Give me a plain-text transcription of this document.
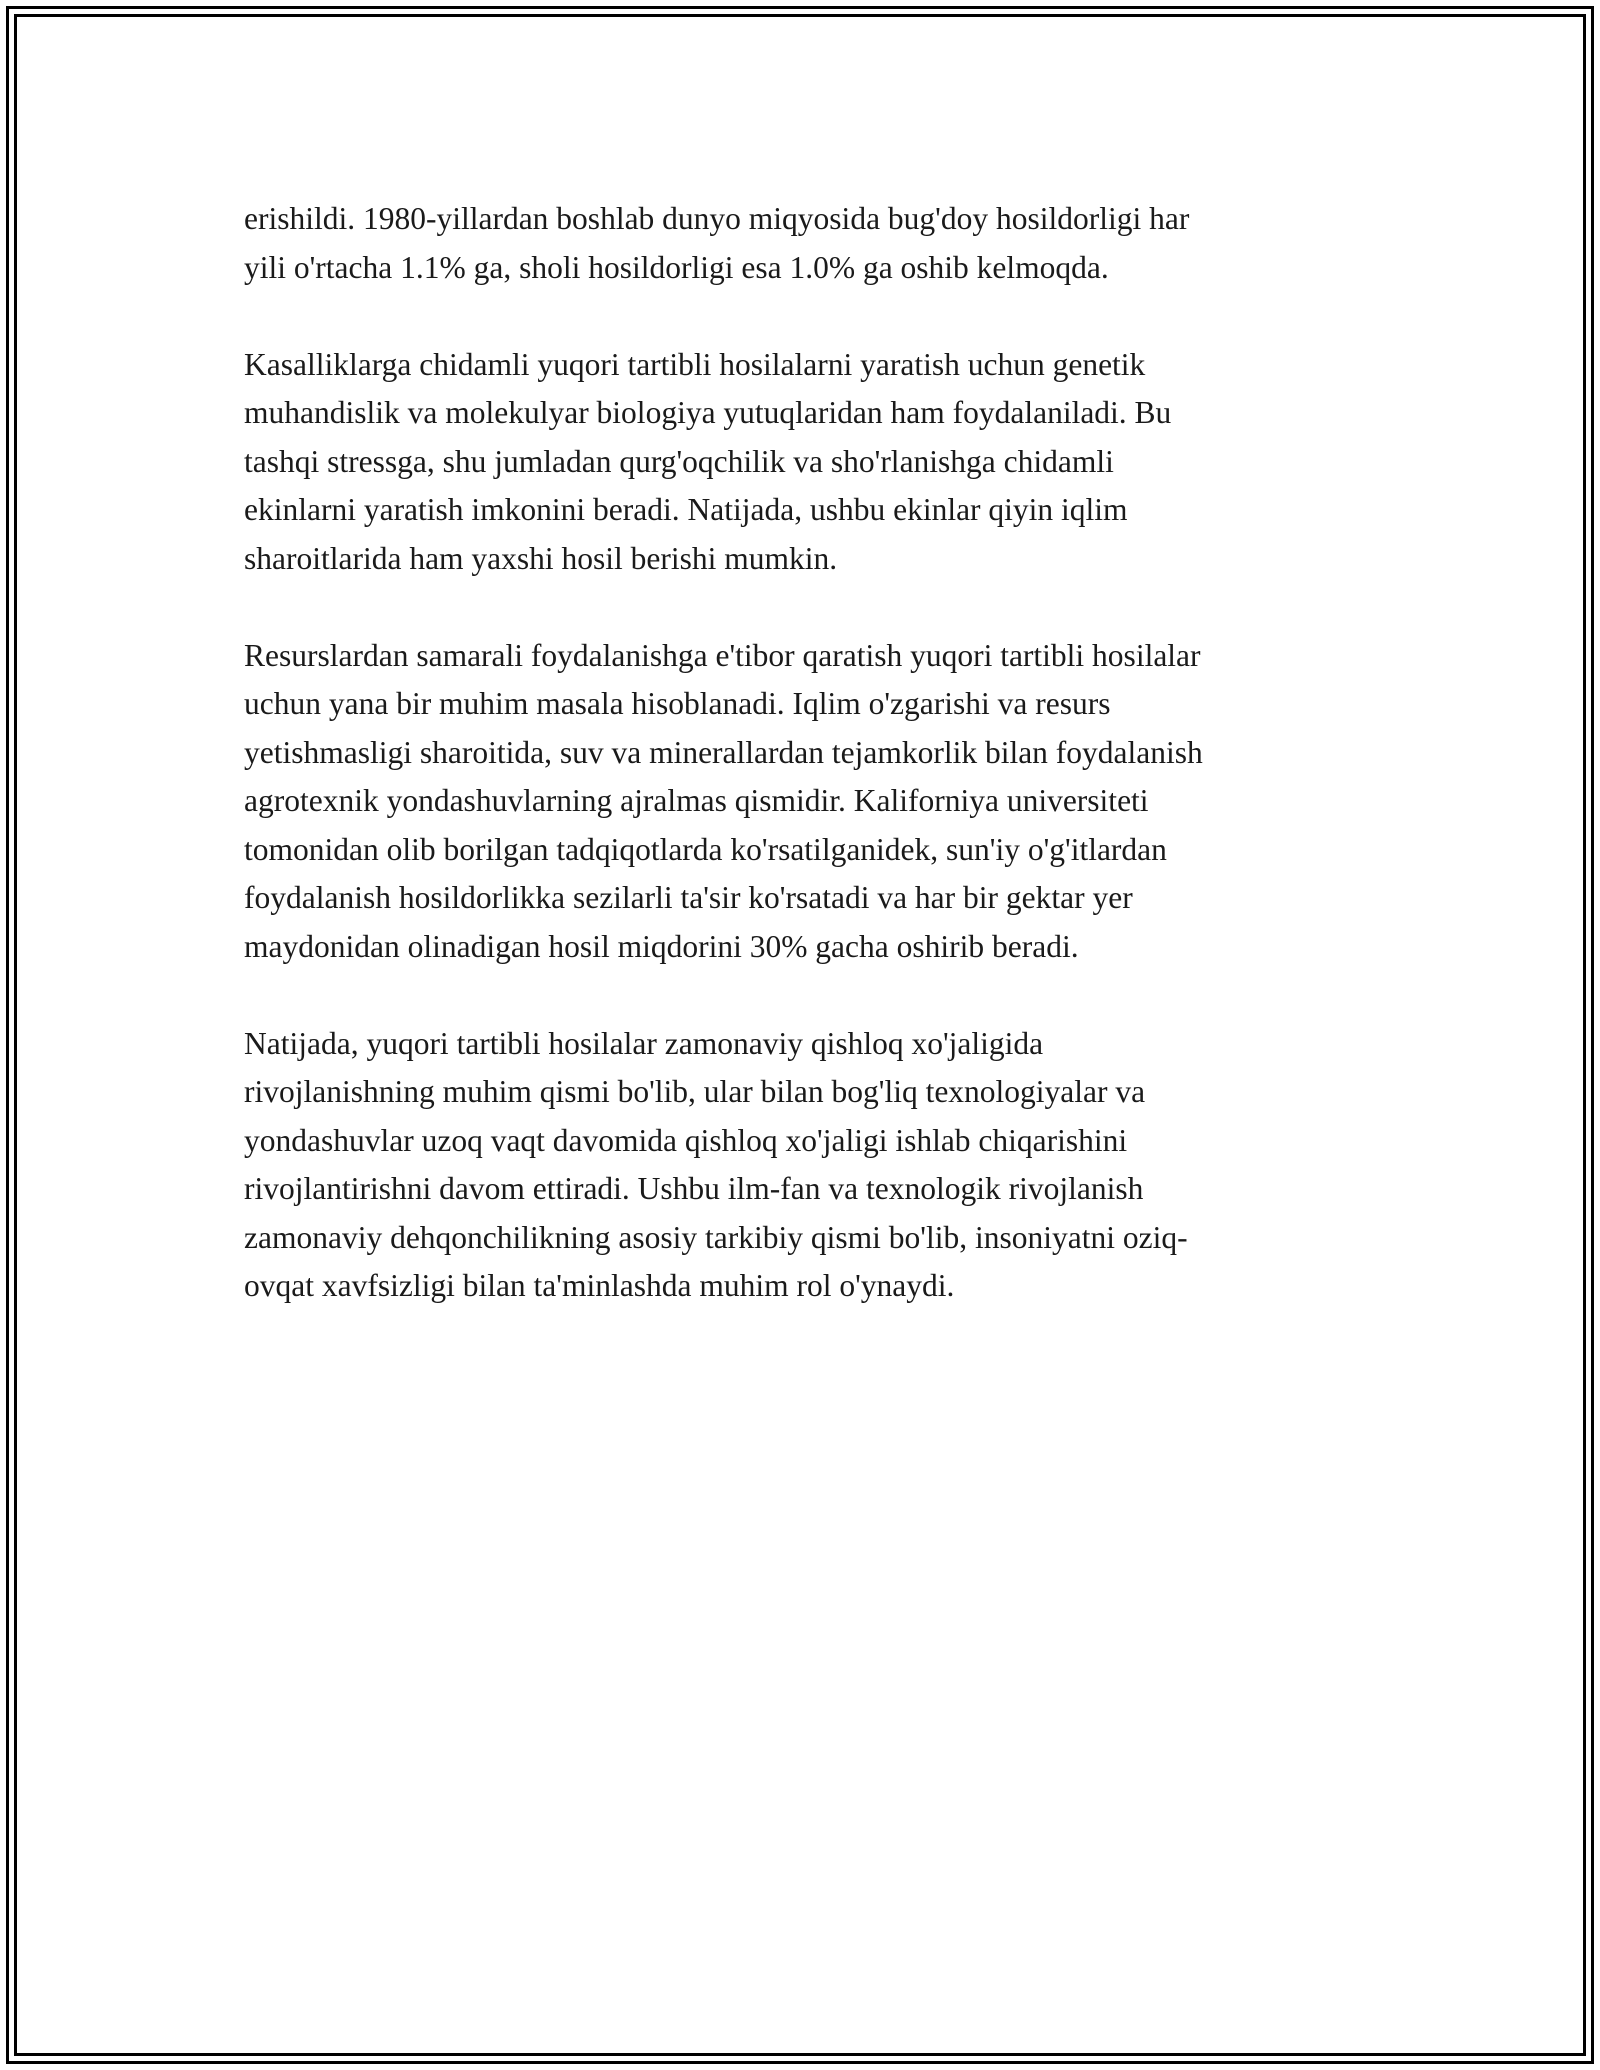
erishildi. 1980-yillardan boshlab dunyo miqyosida bug'doy hosildorligi har
yili o'rtacha 1.1% ga, sholi hosildorligi esa 1.0% ga oshib kelmoqda.

Kasalliklarga chidamli yuqori tartibli hosilalarni yaratish uchun genetik
muhandislik va molekulyar biologiya yutuqlaridan ham foydalaniladi. Bu
tashqi stressga, shu jumladan qurg'oqchilik va sho'rlanishga chidamli
ekinlarni yaratish imkonini beradi. Natijada, ushbu ekinlar qiyin iqlim
sharoitlarida ham yaxshi hosil berishi mumkin.

Resurslardan samarali foydalanishga e'tibor qaratish yuqori tartibli hosilalar
uchun yana bir muhim masala hisoblanadi. Iqlim o'zgarishi va resurs
yetishmasligi sharoitida, suv va minerallardan tejamkorlik bilan foydalanish
agrotexnik yondashuvlarning ajralmas qismidir. Kaliforniya universiteti
tomonidan olib borilgan tadqiqotlarda ko'rsatilganidek, sun'iy o'g'itlardan
foydalanish hosildorlikka sezilarli ta'sir ko'rsatadi va har bir gektar yer
maydonidan olinadigan hosil miqdorini 30% gacha oshirib beradi.

Natijada, yuqori tartibli hosilalar zamonaviy qishloq xo'jaligida
rivojlanishning muhim qismi bo'lib, ular bilan bog'liq texnologiyalar va
yondashuvlar uzoq vaqt davomida qishloq xo'jaligi ishlab chiqarishini
rivojlantirishni davom ettiradi. Ushbu ilm-fan va texnologik rivojlanish
zamonaviy dehqonchilikning asosiy tarkibiy qismi bo'lib, insoniyatni oziq-
ovqat xavfsizligi bilan ta'minlashda muhim rol o'ynaydi.
